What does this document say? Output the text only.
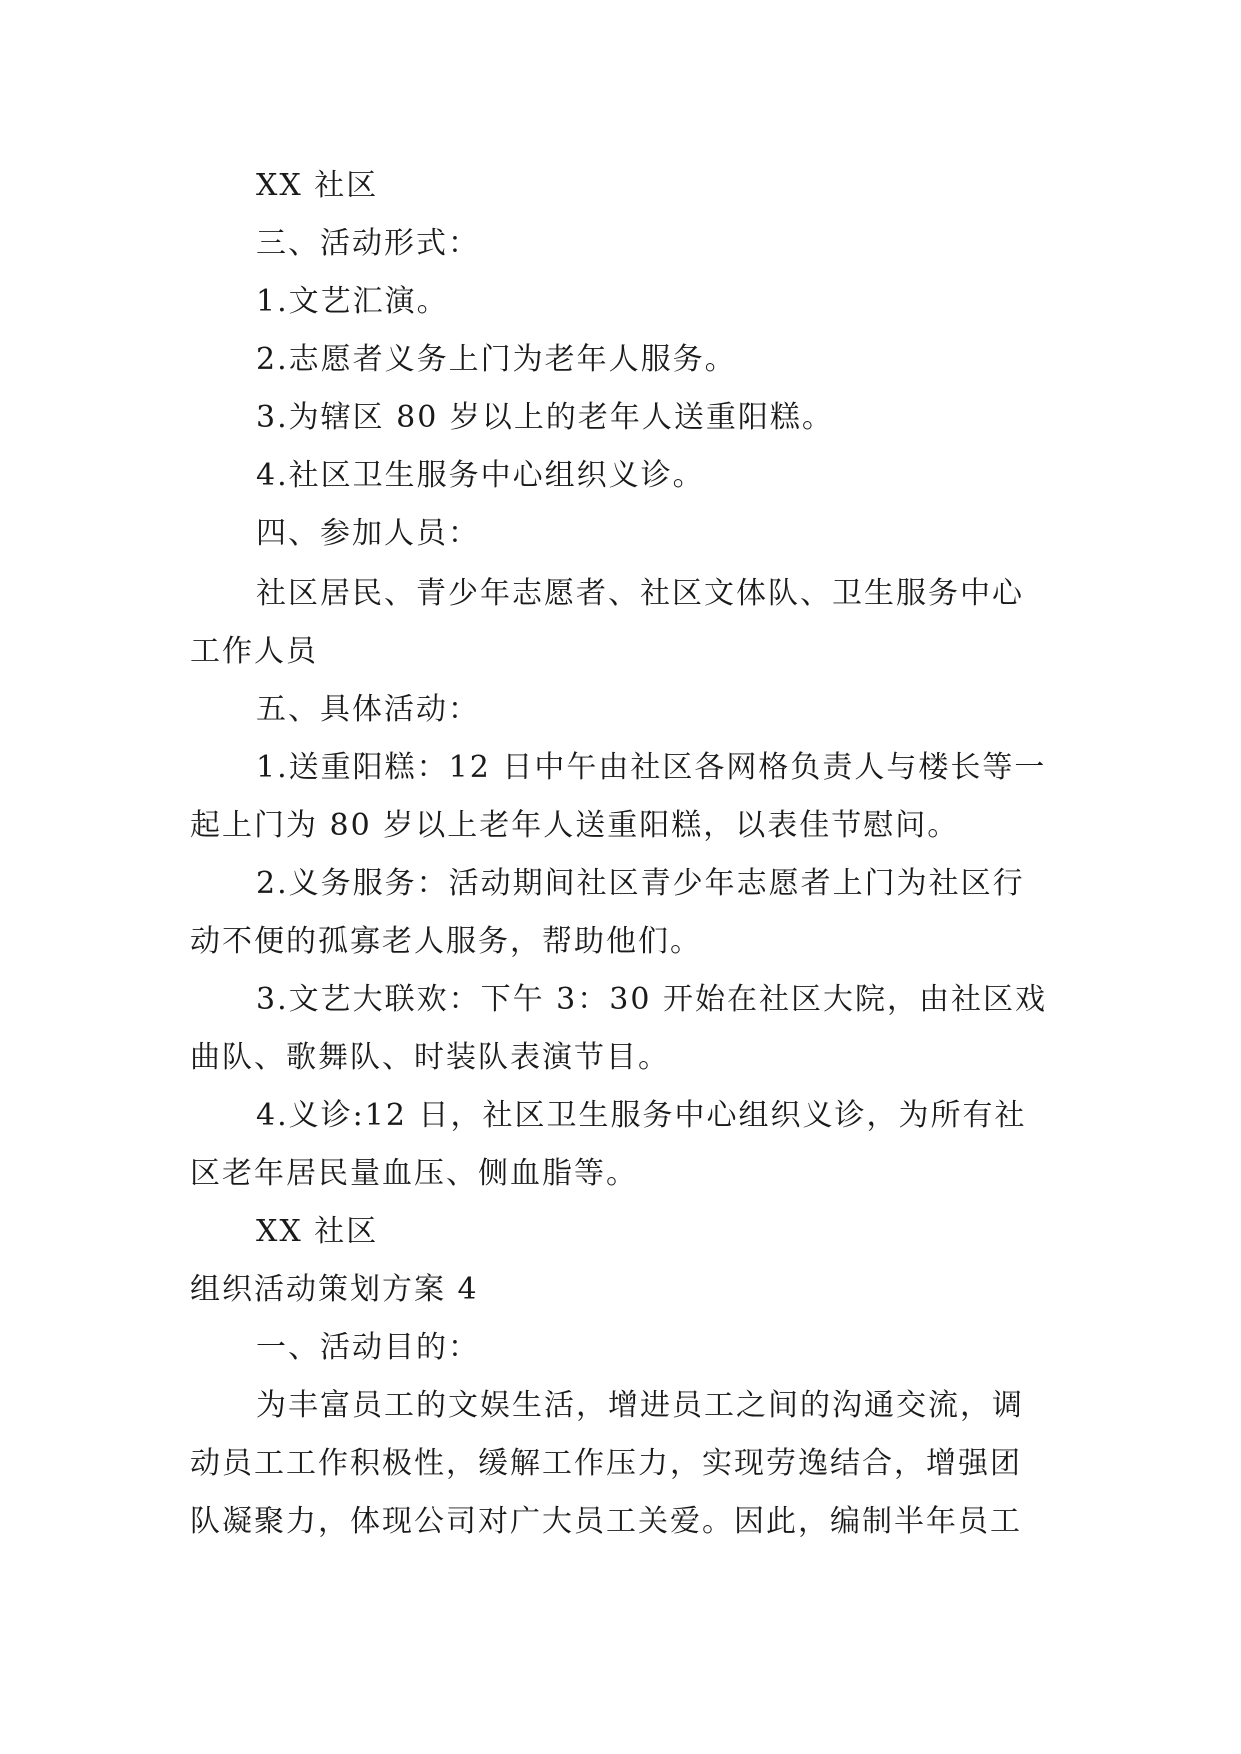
XX 社区
三、活动形式：
1.文艺汇演。
2.志愿者义务上门为老年人服务。
3.为辖区 80 岁以上的老年人送重阳糕。
4.社区卫生服务中心组织义诊。
四、参加人员：
社区居民、青少年志愿者、社区文体队、卫生服务中心
工作人员
五、具体活动：
1.送重阳糕：12 日中午由社区各网格负责人与楼长等一
起上门为 80 岁以上老年人送重阳糕，以表佳节慰问。
2.义务服务：活动期间社区青少年志愿者上门为社区行
动不便的孤寡老人服务，帮助他们。
3.文艺大联欢：下午 3：30 开始在社区大院，由社区戏
曲队、歌舞队、时装队表演节目。
4.义诊:12 日，社区卫生服务中心组织义诊，为所有社
区老年居民量血压、侧血脂等。
XX 社区
组织活动策划方案 4
一、活动目的：
为丰富员工的文娱生活，增进员工之间的沟通交流，调
动员工工作积极性，缓解工作压力，实现劳逸结合，增强团
队凝聚力，体现公司对广大员工关爱。因此，编制半年员工
